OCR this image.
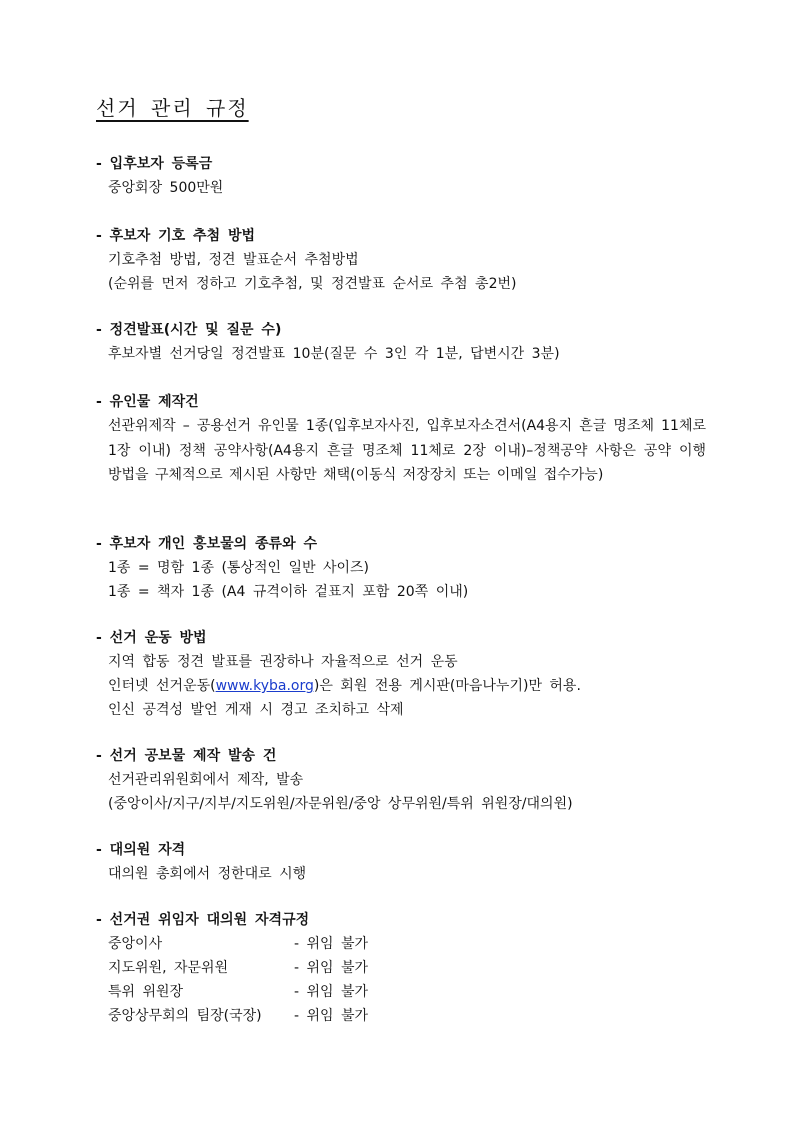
선거 관리 규정

- 입후보자 등록금

중앙회장 500만원

- 후보자 기호 추첨 방법

기호추첨 방법, 정견 발표순서 추첨방법

(순위를 먼저 정하고 기호추첨, 및 정견발표 순서로 추첨 총2번)

- 정견발표(시간 및 질문 수)

후보자별 선거당일 정견발표 10분(질문 수 3인 각 1분, 답변시간 3분)

- 유인물 제작건

선관위제작 – 공용선거 유인물 1종(입후보자사진, 입후보자소견서(A4용지 흔글 명조체 11체로 1장 이내) 정책 공약사항(A4용지 흔글 명조체 11체로 2장 이내)–정책공약 사항은 공약 이행 방법을 구체적으로 제시된 사항만 채택(이동식 저장장치 또는 이메일 접수가능)

- 후보자 개인 홍보물의 종류와 수

1종 = 명함 1종 (통상적인 일반 사이즈)

1종 = 책자 1종 (A4 규격이하 겉표지 포함 20쪽 이내)

- 선거 운동 방법

지역 합동 정견 발표를 권장하나 자율적으로 선거 운동

인터넷 선거운동(www.kyba.org)은 회원 전용 게시판(마음나누기)만 허용.

인신 공격성 발언 게재 시 경고 조치하고 삭제

- 선거 공보물 제작 발송 건

선거관리위원회에서 제작, 발송

(중앙이사/지구/지부/지도위원/자문위원/중앙 상무위원/특위 위원장/대의원)

- 대의원 자격

대의원 총회에서 정한대로 시행

- 선거권 위임자 대의원 자격규정

중앙이사	- 위임 불가
지도위원, 자문위원	- 위임 불가
특위 위원장	- 위임 불가
중앙상무회의 팀장(국장)	- 위임 불가
